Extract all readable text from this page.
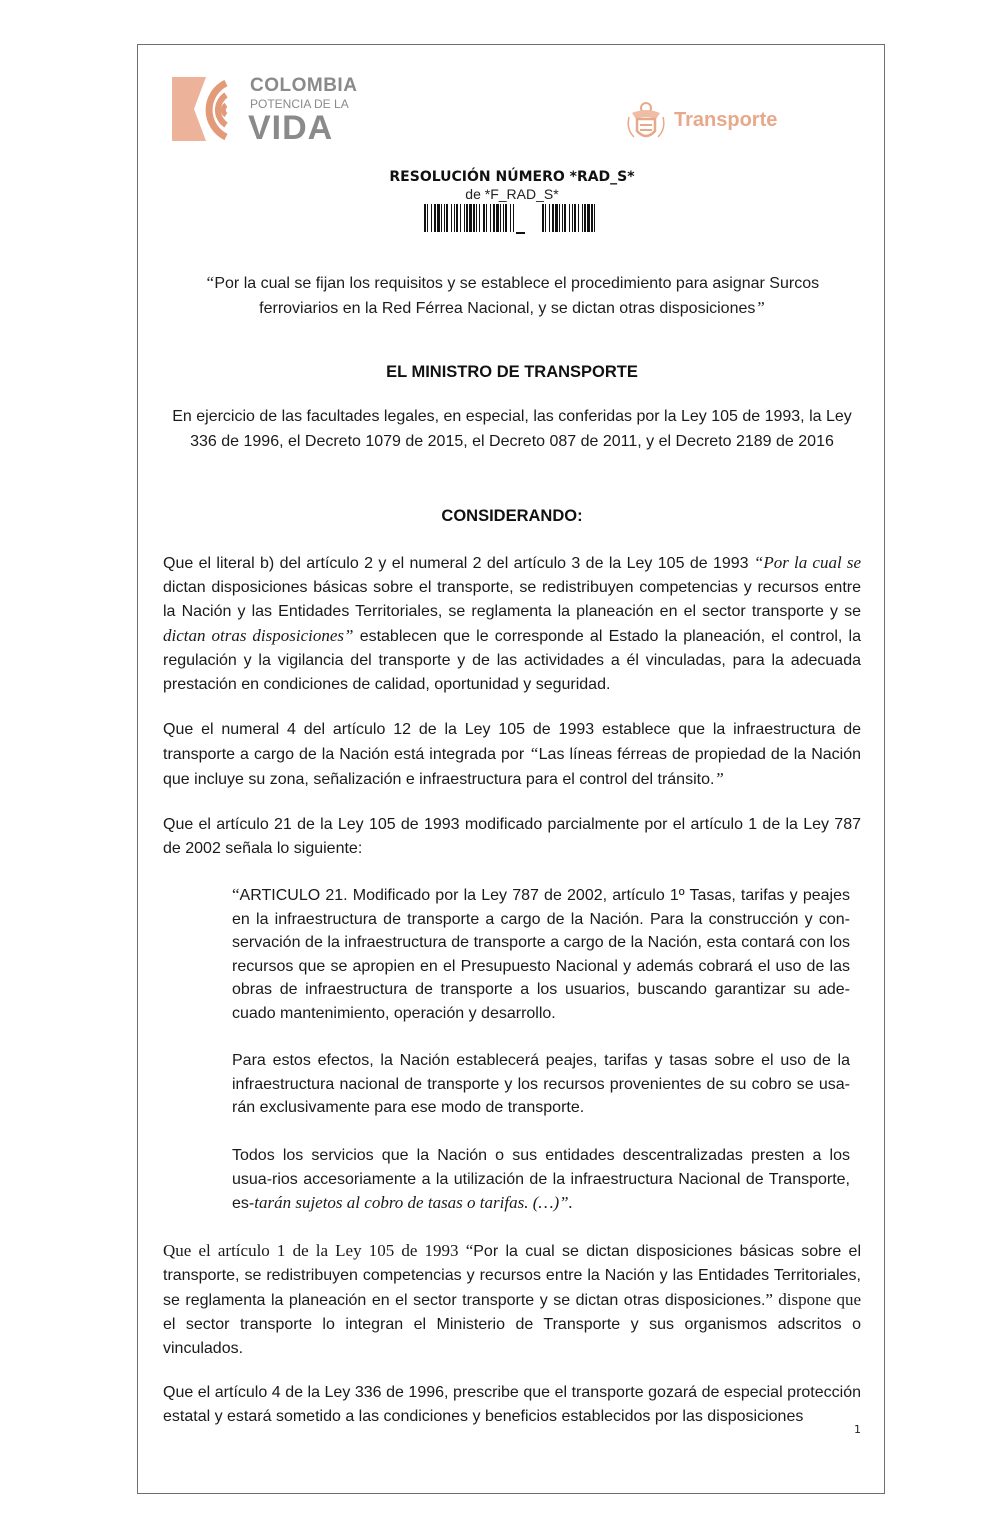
COLOMBIA
POTENCIA DE LA
VIDA	Transporte
RESOLUCIÓN NÚMERO *RAD_S*
de *F_RAD_S*
“Por la cual se fijan los requisitos y se establece el procedimiento para asignar Surcos ferroviarios en la Red Férrea Nacional, y se dictan otras disposiciones”
EL MINISTRO DE TRANSPORTE
En ejercicio de las facultades legales, en especial, las conferidas por la Ley 105 de 1993, la Ley 336 de 1996, el Decreto 1079 de 2015, el Decreto 087 de 2011, y el Decreto 2189 de 2016
CONSIDERANDO:
Que el literal b) del artículo 2 y el numeral 2 del artículo 3 de la Ley 105 de 1993 “Por la cual se dictan disposiciones básicas sobre el transporte, se redistribuyen competencias y recursos entre la Nación y las Entidades Territoriales, se reglamenta la planeación en el sector transporte y se dictan otras disposiciones” establecen que le corresponde al Estado la planeación, el control, la regulación y la vigilancia del transporte y de las actividades a él vinculadas, para la adecuada prestación en condiciones de calidad, oportunidad y seguridad.
Que el numeral 4 del artículo 12 de la Ley 105 de 1993 establece que la infraestructura de transporte a cargo de la Nación está integrada por “Las líneas férreas de propiedad de la Nación que incluye su zona, señalización e infraestructura para el control del tránsito.”
Que el artículo 21 de la Ley 105 de 1993 modificado parcialmente por el artículo 1 de la Ley 787 de 2002 señala lo siguiente:
“ARTICULO 21. Modificado por la Ley 787 de 2002, artículo 1º Tasas, tarifas y peajes en la infraestructura de transporte a cargo de la Nación. Para la construcción y con-servación de la infraestructura de transporte a cargo de la Nación, esta contará con los recursos que se apropien en el Presupuesto Nacional y además cobrará el uso de las obras de infraestructura de transporte a los usuarios, buscando garantizar su ade-cuado mantenimiento, operación y desarrollo.
Para estos efectos, la Nación establecerá peajes, tarifas y tasas sobre el uso de la infraestructura nacional de transporte y los recursos provenientes de su cobro se usa-rán exclusivamente para ese modo de transporte.
Todos los servicios que la Nación o sus entidades descentralizadas presten a los usua-rios accesoriamente a la utilización de la infraestructura Nacional de Transporte, es-tarán sujetos al cobro de tasas o tarifas. (…)”.
Que el artículo 1 de la Ley 105 de 1993 “Por la cual se dictan disposiciones básicas sobre el transporte, se redistribuyen competencias y recursos entre la Nación y las Entidades Territoriales, se reglamenta la planeación en el sector transporte y se dictan otras disposiciones.” dispone que el sector transporte lo integran el Ministerio de Transporte y sus organismos adscritos o vinculados.
Que el artículo 4 de la Ley 336 de 1996, prescribe que el transporte gozará de especial protección estatal y estará sometido a las condiciones y beneficios establecidos por las disposiciones
1
